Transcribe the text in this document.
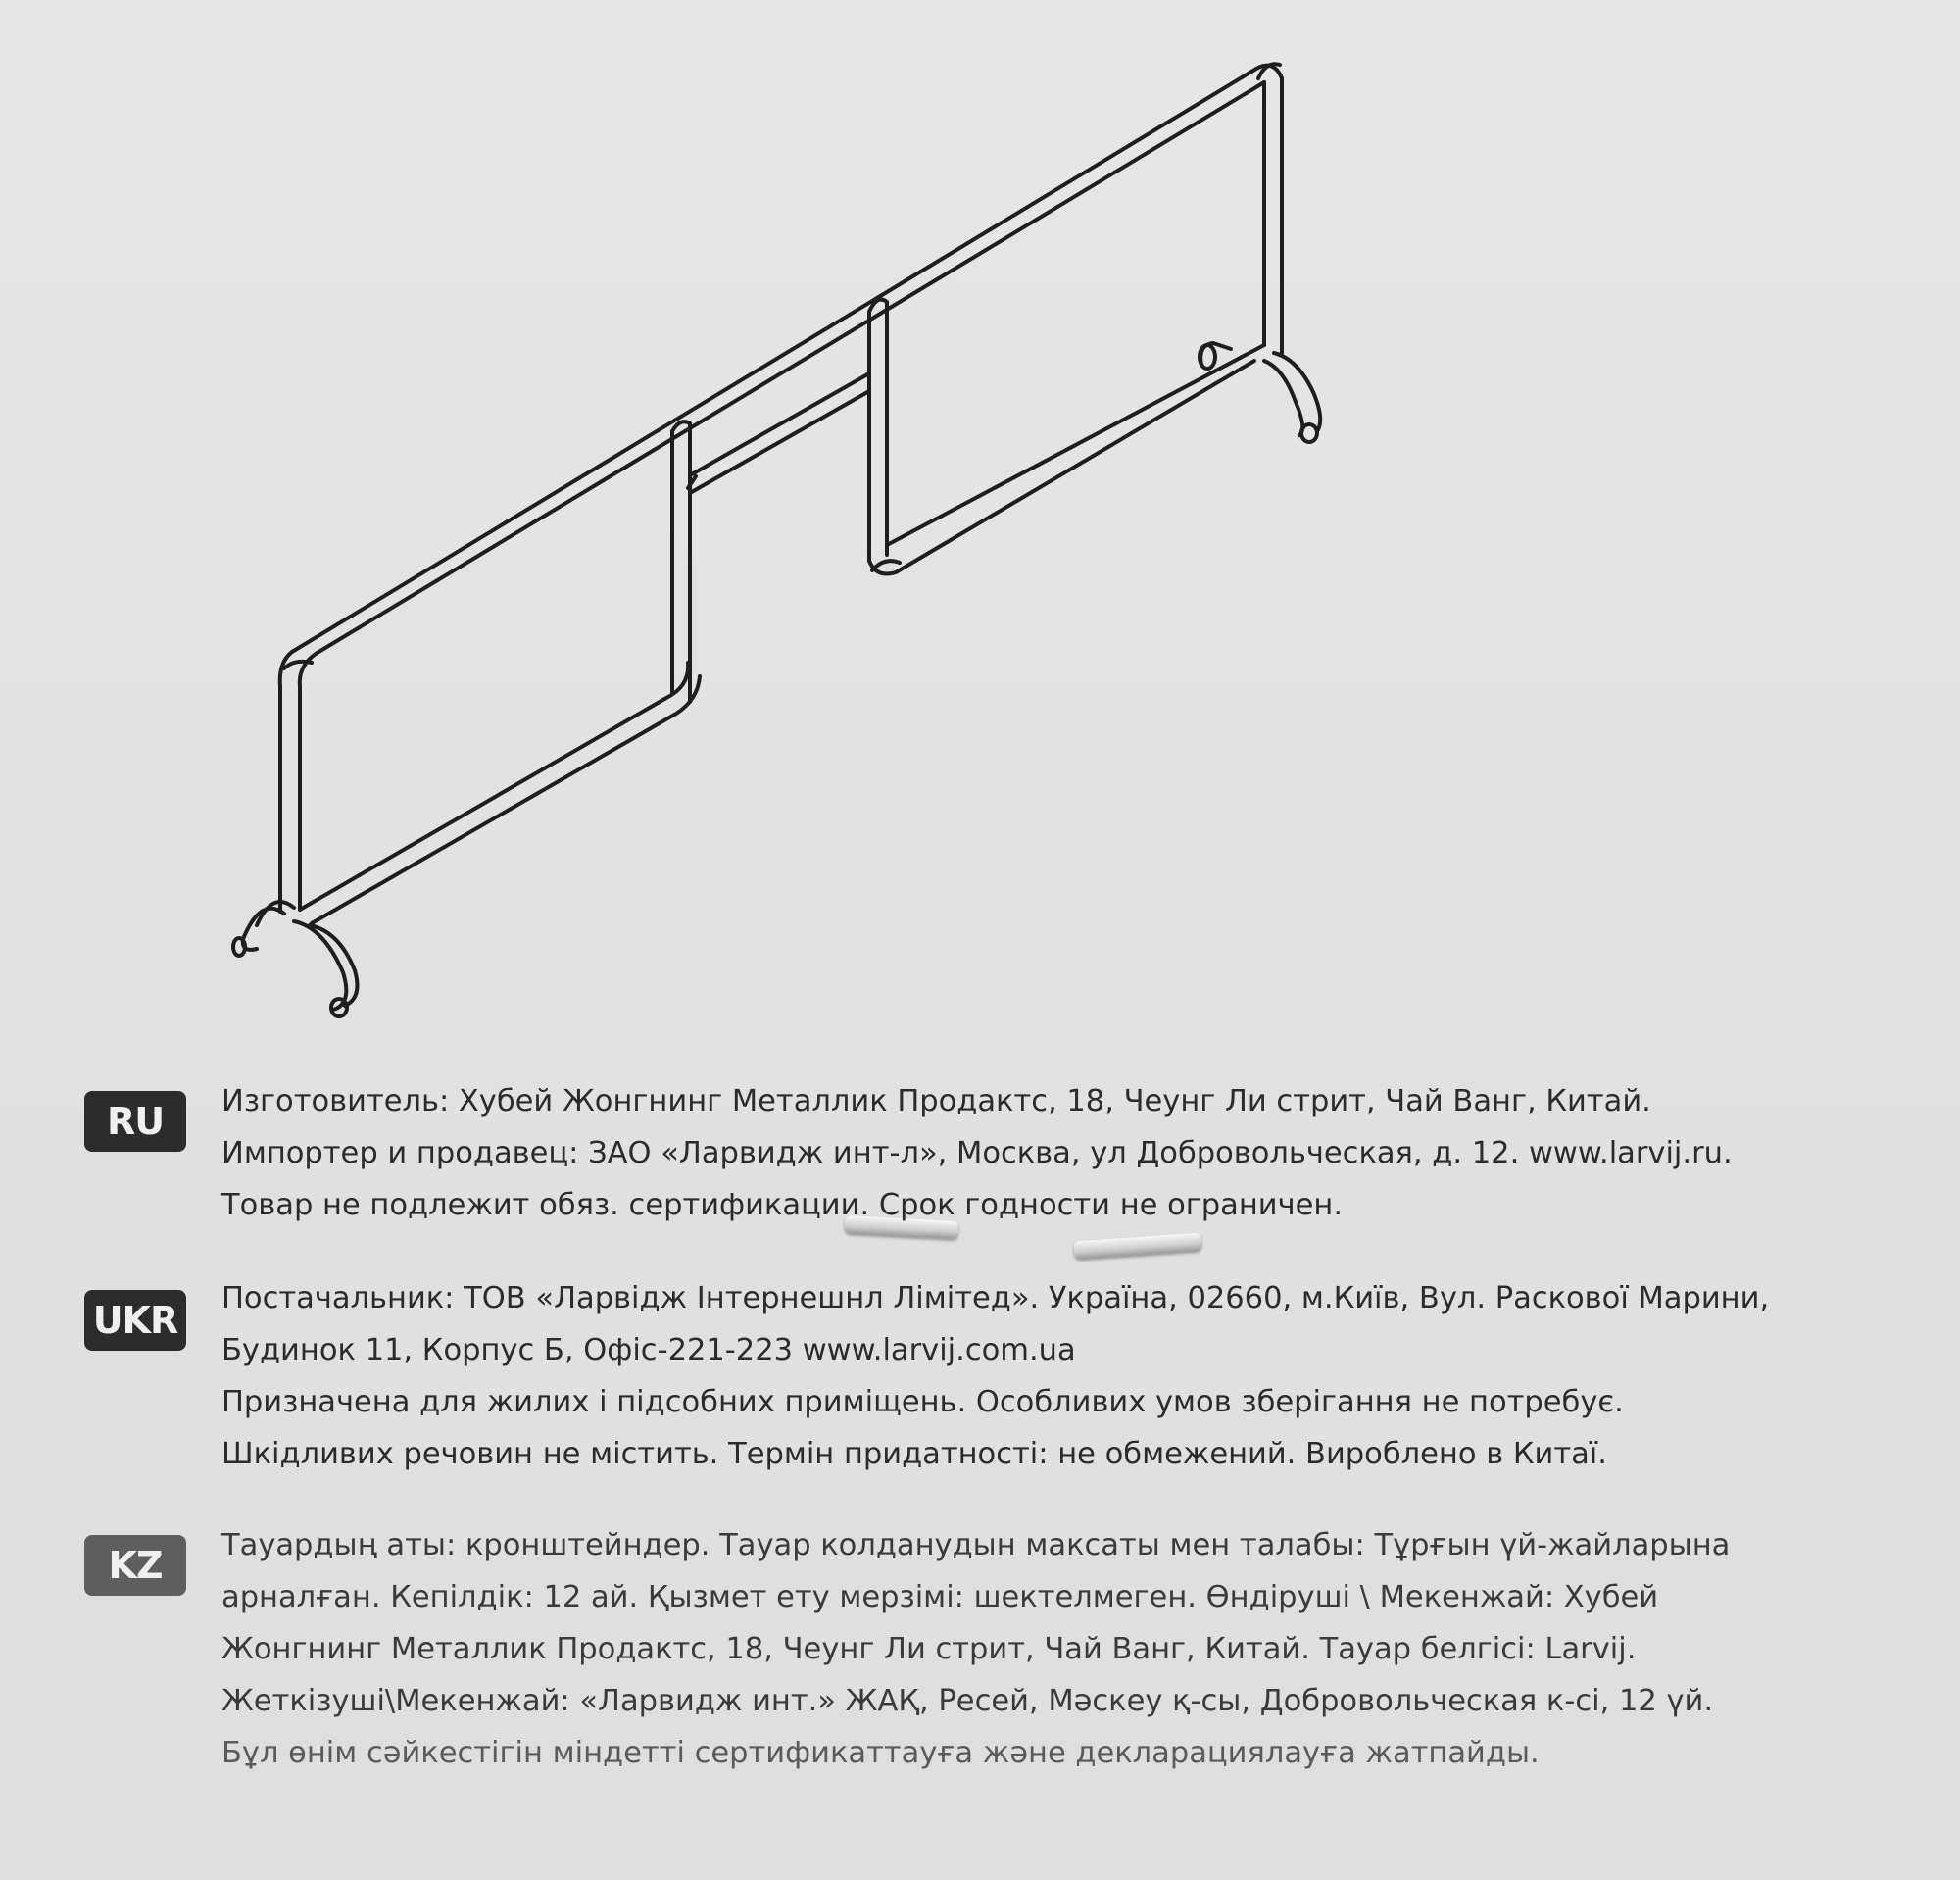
RU	Изготовитель: Хубей Жонгнинг Металлик Продактс, 18, Чеунг Ли стрит, Чай Ванг, Китай.
Импортер и продавец: ЗАО «Ларвидж инт-л», Москва, ул Добровольческая, д. 12. www.larvij.ru.
Товар не подлежит обяз. сертификации. Срок годности не ограничен.
UKR
Постачальник: ТОВ «Ларвідж Інтернешнл Лімітед». Україна, 02660, м.Київ, Вул. Раскової Марини,
Будинок 11, Корпус Б, Офіс-221-223 www.larvij.com.ua
Призначена для жилих і підсобних приміщень. Особливих умов зберігання не потребує.
Шкідливих речовин не містить. Термін придатності: не обмежений. Вироблено в Китаї.
KZ	Тауардың аты: кронштейндер. Тауар колданудын максаты мен талабы: Тұрғын үй-жайларына
арналған. Кепілдік: 12 ай. Қызмет ету мерзімі: шектелмеген. Өндіруші \ Мекенжай: Хубей
Жонгнинг Металлик Продактс, 18, Чеунг Ли стрит, Чай Ванг, Китай. Тауар белгісі: Larvij.
Жеткізуші\Мекенжай: «Ларвидж инт.» ЖАҚ, Ресей, Мәскеу қ-сы, Добровольческая к-сі, 12 үй.
Бұл өнім сәйкестігін міндетті сертификаттауға және декларациялауға жатпайды.
